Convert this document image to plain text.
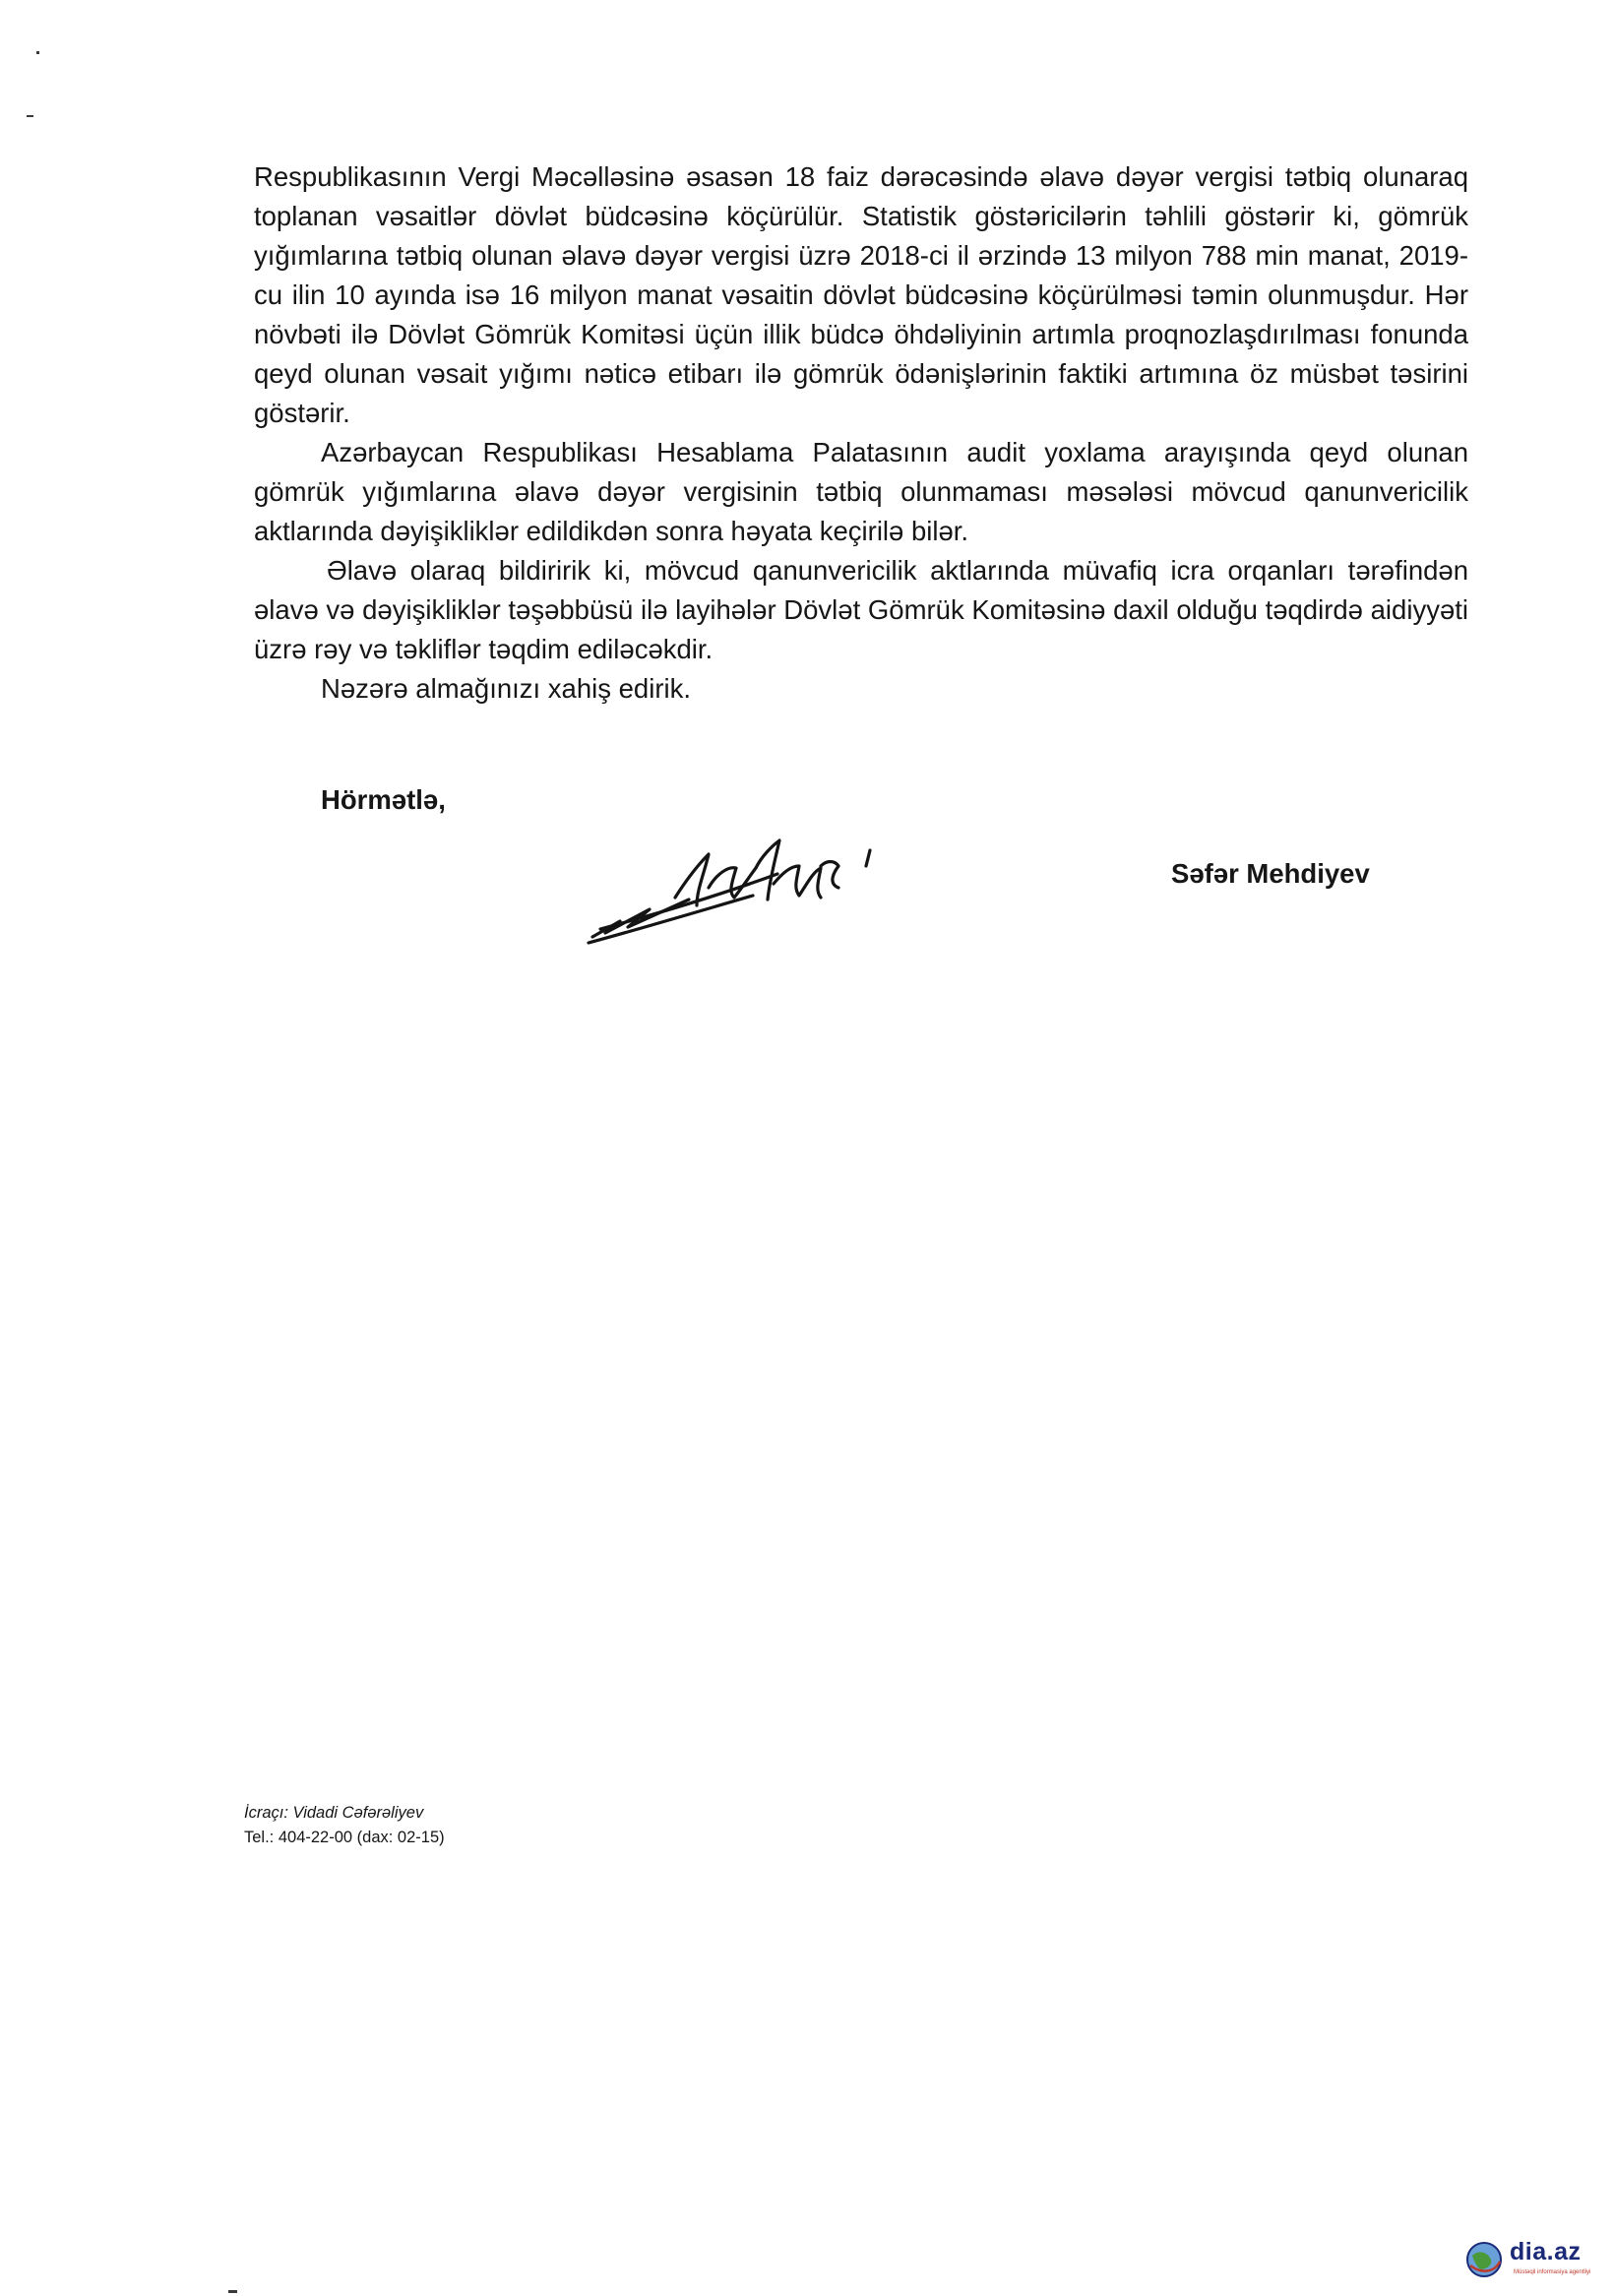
Respublikasının Vergi Məcəlləsinə əsasən 18 faiz dərəcəsində əlavə dəyər vergisi tətbiq olunaraq toplanan vəsaitlər dövlət büdcəsinə köçürülür. Statistik göstəricilərin təhlili göstərir ki, gömrük yığımlarına tətbiq olunan əlavə dəyər vergisi üzrə 2018-ci il ərzində 13 milyon 788 min manat, 2019-cu ilin 10 ayında isə 16 milyon manat vəsaitin dövlət büdcəsinə köçürülməsi təmin olunmuşdur. Hər növbəti ilə Dövlət Gömrük Komitəsi üçün illik büdcə öhdəliyinin artımla proqnozlaşdırılması fonunda qeyd olunan vəsait yığımı nəticə etibarı ilə gömrük ödənişlərinin faktiki artımına öz müsbət təsirini göstərir.

Azərbaycan Respublikası Hesablama Palatasının audit yoxlama arayışında qeyd olunan gömrük yığımlarına əlavə dəyər vergisinin tətbiq olunmaması məsələsi mövcud qanunvericilik aktlarında dəyişikliklər edildikdən sonra həyata keçirilə bilər.

Əlavə olaraq bildiririk ki, mövcud qanunvericilik aktlarında müvafiq icra orqanları tərəfindən əlavə və dəyişikliklər təşəbbüsü ilə layihələr Dövlət Gömrük Komitəsinə daxil olduğu təqdirdə aidiyyəti üzrə rəy və təkliflər təqdim ediləcəkdir.

Nəzərə almağınızı xahiş edirik.

Hörmətlə,
Səfər Mehdiyev
İcraçı: Vidadi Cəfərəliyev
Tel.: 404-22-00 (dax: 02-15)
dia.az
Müstəqil informasiya agentliyi
